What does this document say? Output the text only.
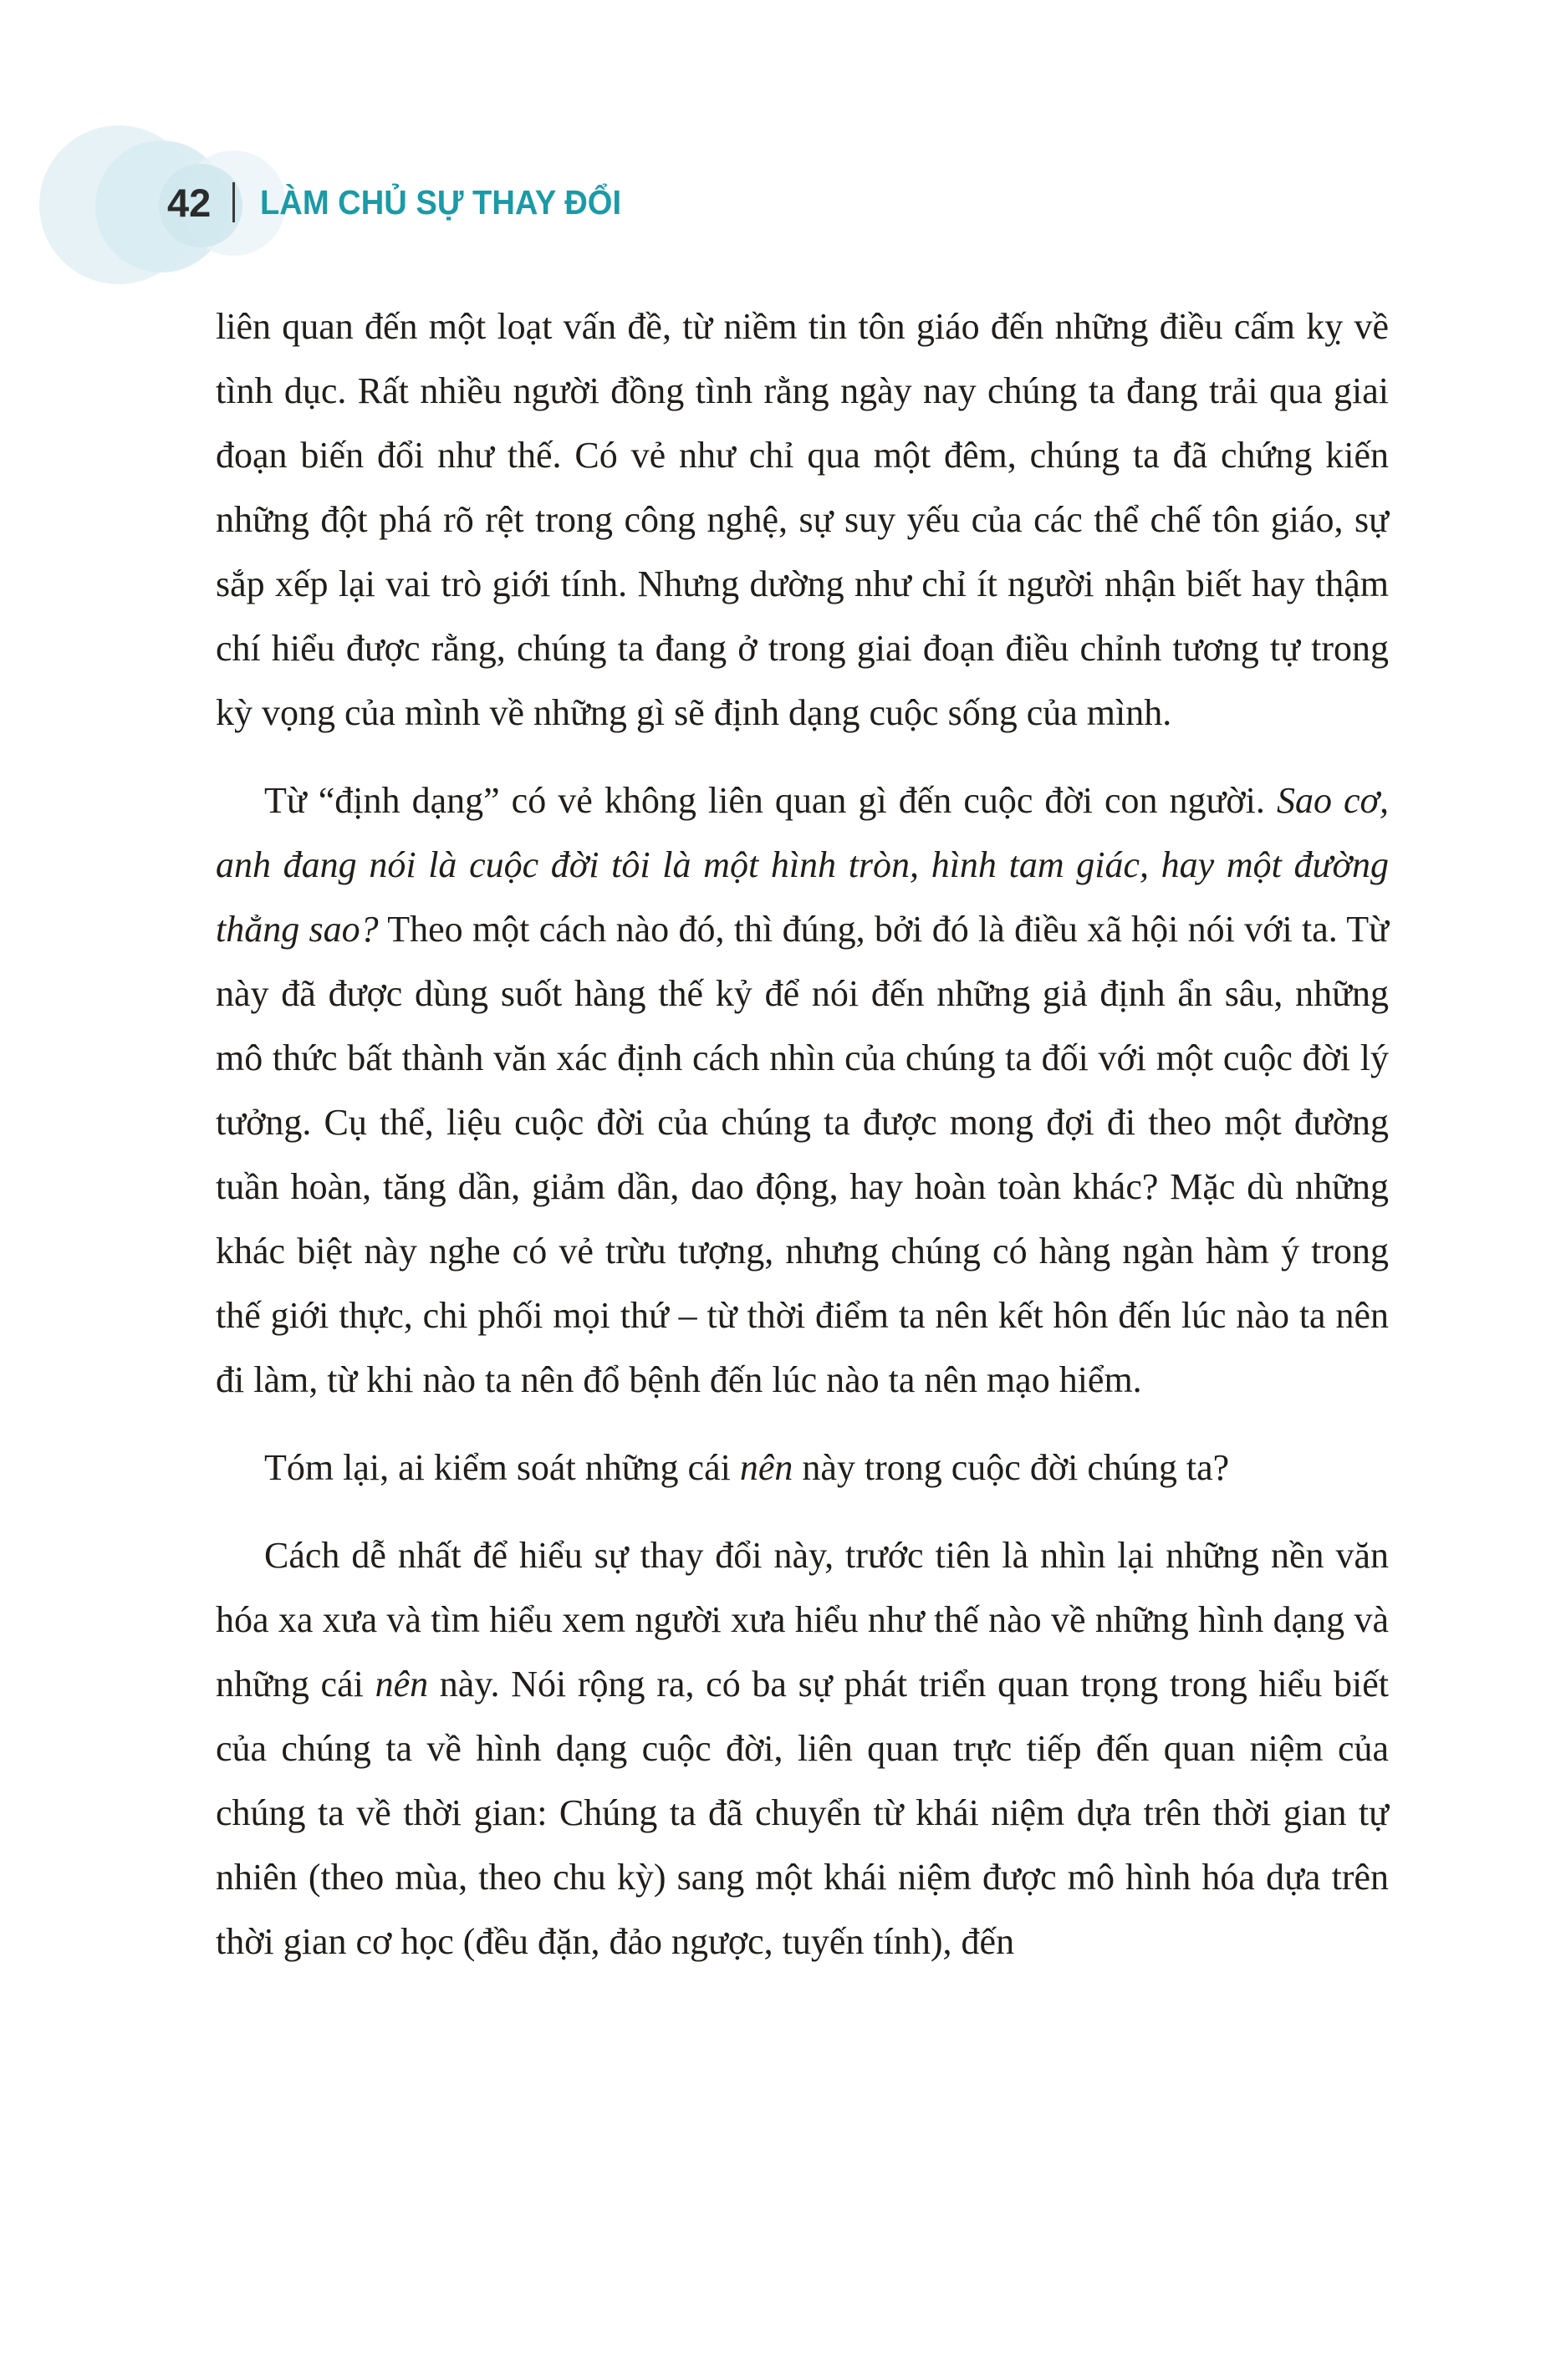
42 LÀM CHỦ SỰ THAY ĐỔI

liên quan đến một loạt vấn đề, từ niềm tin tôn giáo đến những điều cấm kỵ về tình dục. Rất nhiều người đồng tình rằng ngày nay chúng ta đang trải qua giai đoạn biến đổi như thế. Có vẻ như chỉ qua một đêm, chúng ta đã chứng kiến những đột phá rõ rệt trong công nghệ, sự suy yếu của các thể chế tôn giáo, sự sắp xếp lại vai trò giới tính. Nhưng dường như chỉ ít người nhận biết hay thậm chí hiểu được rằng, chúng ta đang ở trong giai đoạn điều chỉnh tương tự trong kỳ vọng của mình về những gì sẽ định dạng cuộc sống của mình.

Từ “định dạng” có vẻ không liên quan gì đến cuộc đời con người. Sao cơ, anh đang nói là cuộc đời tôi là một hình tròn, hình tam giác, hay một đường thẳng sao? Theo một cách nào đó, thì đúng, bởi đó là điều xã hội nói với ta. Từ này đã được dùng suốt hàng thế kỷ để nói đến những giả định ẩn sâu, những mô thức bất thành văn xác định cách nhìn của chúng ta đối với một cuộc đời lý tưởng. Cụ thể, liệu cuộc đời của chúng ta được mong đợi đi theo một đường tuần hoàn, tăng dần, giảm dần, dao động, hay hoàn toàn khác? Mặc dù những khác biệt này nghe có vẻ trừu tượng, nhưng chúng có hàng ngàn hàm ý trong thế giới thực, chi phối mọi thứ – từ thời điểm ta nên kết hôn đến lúc nào ta nên đi làm, từ khi nào ta nên đổ bệnh đến lúc nào ta nên mạo hiểm.

Tóm lại, ai kiểm soát những cái nên này trong cuộc đời chúng ta?

Cách dễ nhất để hiểu sự thay đổi này, trước tiên là nhìn lại những nền văn hóa xa xưa và tìm hiểu xem người xưa hiểu như thế nào về những hình dạng và những cái nên này. Nói rộng ra, có ba sự phát triển quan trọng trong hiểu biết của chúng ta về hình dạng cuộc đời, liên quan trực tiếp đến quan niệm của chúng ta về thời gian: Chúng ta đã chuyển từ khái niệm dựa trên thời gian tự nhiên (theo mùa, theo chu kỳ) sang một khái niệm được mô hình hóa dựa trên thời gian cơ học (đều đặn, đảo ngược, tuyến tính), đến
